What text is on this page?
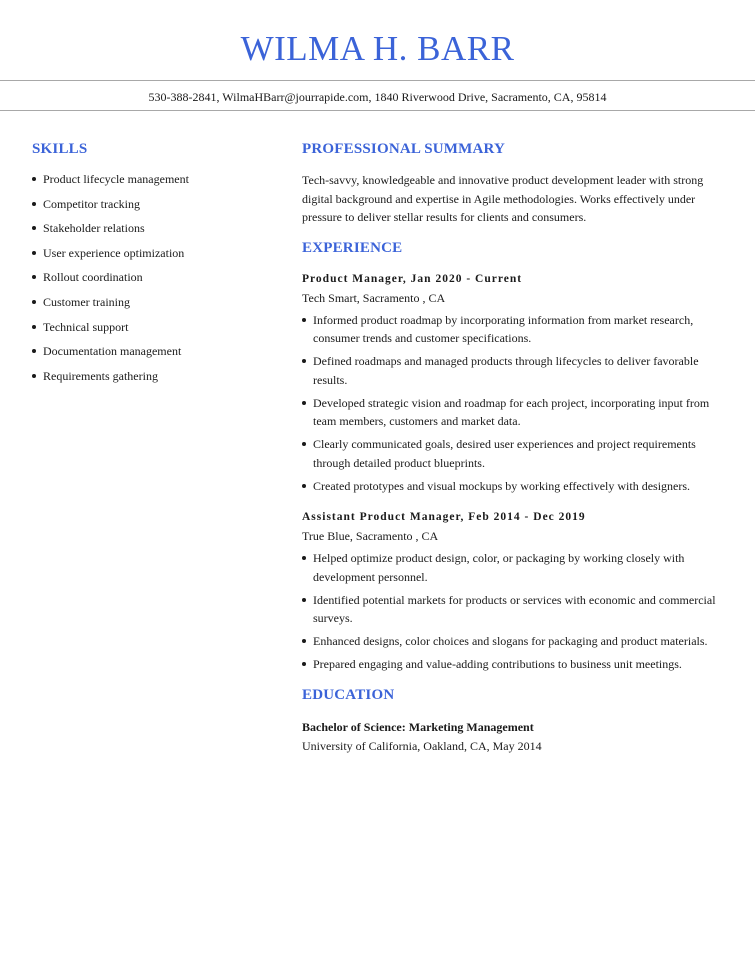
WILMA H. BARR
530-388-2841, WilmaHBarr@jourrapide.com, 1840 Riverwood Drive, Sacramento, CA, 95814
SKILLS
Product lifecycle management
Competitor tracking
Stakeholder relations
User experience optimization
Rollout coordination
Customer training
Technical support
Documentation management
Requirements gathering
PROFESSIONAL SUMMARY

Tech-savvy, knowledgeable and innovative product development leader with strong digital background and expertise in Agile methodologies. Works effectively under pressure to deliver stellar results for clients and consumers.

EXPERIENCE

Product Manager, Jan 2020 - Current

Tech Smart, Sacramento , CA

Informed product roadmap by incorporating information from market research, consumer trends and customer specifications.
Defined roadmaps and managed products through lifecycles to deliver favorable results.
Developed strategic vision and roadmap for each project, incorporating input from team members, customers and market data.
Clearly communicated goals, desired user experiences and project requirements through detailed product blueprints.
Created prototypes and visual mockups by working effectively with designers.

Assistant Product Manager, Feb 2014 - Dec 2019

True Blue, Sacramento , CA

Helped optimize product design, color, or packaging by working closely with development personnel.
Identified potential markets for products or services with economic and commercial surveys.
Enhanced designs, color choices and slogans for packaging and product materials.
Prepared engaging and value-adding contributions to business unit meetings.
EDUCATION

Bachelor of Science: Marketing Management

University of California, Oakland, CA, May 2014
